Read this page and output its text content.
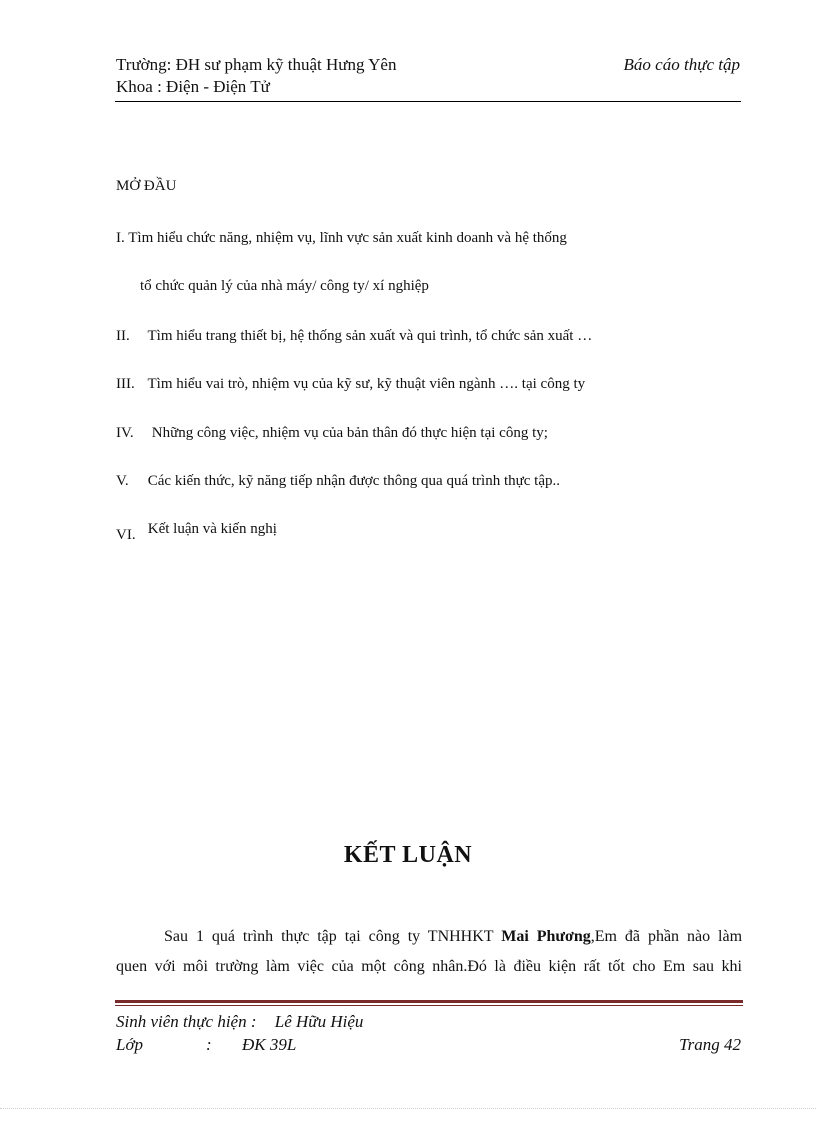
Trường: ĐH sư phạm kỹ thuật Hưng Yên
Khoa : Điện - Điện Tử
Báo cáo thực tập
MỞ ĐẦU
I. Tìm hiểu chức năng, nhiệm vụ, lĩnh vực sản xuất kinh doanh và hệ thống
tổ chức quản lý của nhà máy/ công ty/ xí nghiệp
II. Tìm hiểu trang thiết bị, hệ thống sản xuất và qui trình, tổ chức sản xuất …
III. Tìm hiểu vai trò, nhiệm vụ của kỹ sư, kỹ thuật viên ngành …. tại công ty
IV. Những công việc, nhiệm vụ của bản thân đó thực hiện tại công ty;
V. Các kiến thức, kỹ năng tiếp nhận được thông qua quá trình thực tập..
VI. Kết luận và kiến nghị
KẾT LUẬN
Sau 1 quá trình thực tập tại công ty TNHHKT Mai Phương,Em đã phần nào làm
quen với môi trường làm việc của một công nhân.Đó là điều kiện rất tốt cho Em sau khi
Sinh viên thực hiện : Lê Hữu Hiệu
Lớp	: ĐK 39L	Trang 42
